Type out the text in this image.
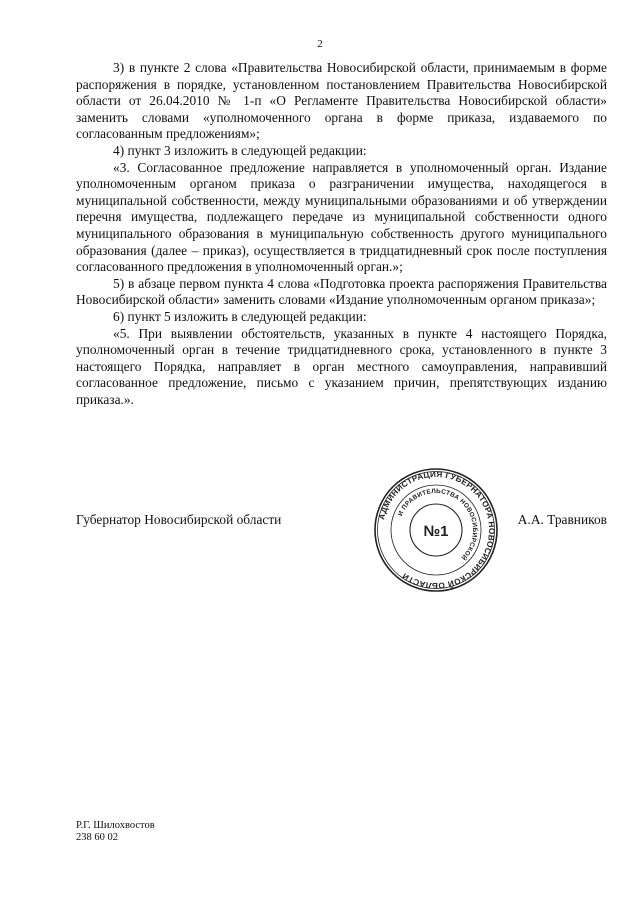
2

3) в пункте 2 слова «Правительства Новосибирской области, принимаемым в форме распоряжения в порядке, установленном постановлением Правительства Новосибирской области от 26.04.2010 № 1-п «О Регламенте Правительства Новосибирской области» заменить словами «уполномоченного органа в форме приказа, издаваемого по согласованным предложениям»;

4) пункт 3 изложить в следующей редакции:

«3. Согласованное предложение направляется в уполномоченный орган. Издание уполномоченным органом приказа о разграничении имущества, находящегося в муниципальной собственности, между муниципальными образованиями и об утверждении перечня имущества, подлежащего передаче из муниципальной собственности одного муниципального образования в муниципальную собственность другого муниципального образования (далее – приказ), осуществляется в тридцатидневный срок после поступления согласованного предложения в уполномоченный орган.»;

5) в абзаце первом пункта 4 слова «Подготовка проекта распоряжения Правительства Новосибирской области» заменить словами «Издание уполномоченным органом приказа»;

6) пункт 5 изложить в следующей редакции:

«5. При выявлении обстоятельств, указанных в пункте 4 настоящего Порядка, уполномоченный орган в течение тридцатидневного срока, установленного в пункте 3 настоящего Порядка, направляет в орган местного самоуправления, направивший согласованное предложение, письмо с указанием причин, препятствующих изданию приказа.».

Губернатор Новосибирской области	А.А. Травников
АДМИНИСТРАЦИЯ ГУБЕРНАТОРА НОВОСИБИРСКОЙ ОБЛАСТИ
И ПРАВИТЕЛЬСТВА НОВОСИБИРСКОЙ
№1
Р.Г. Шилохвостов
238 60 02
